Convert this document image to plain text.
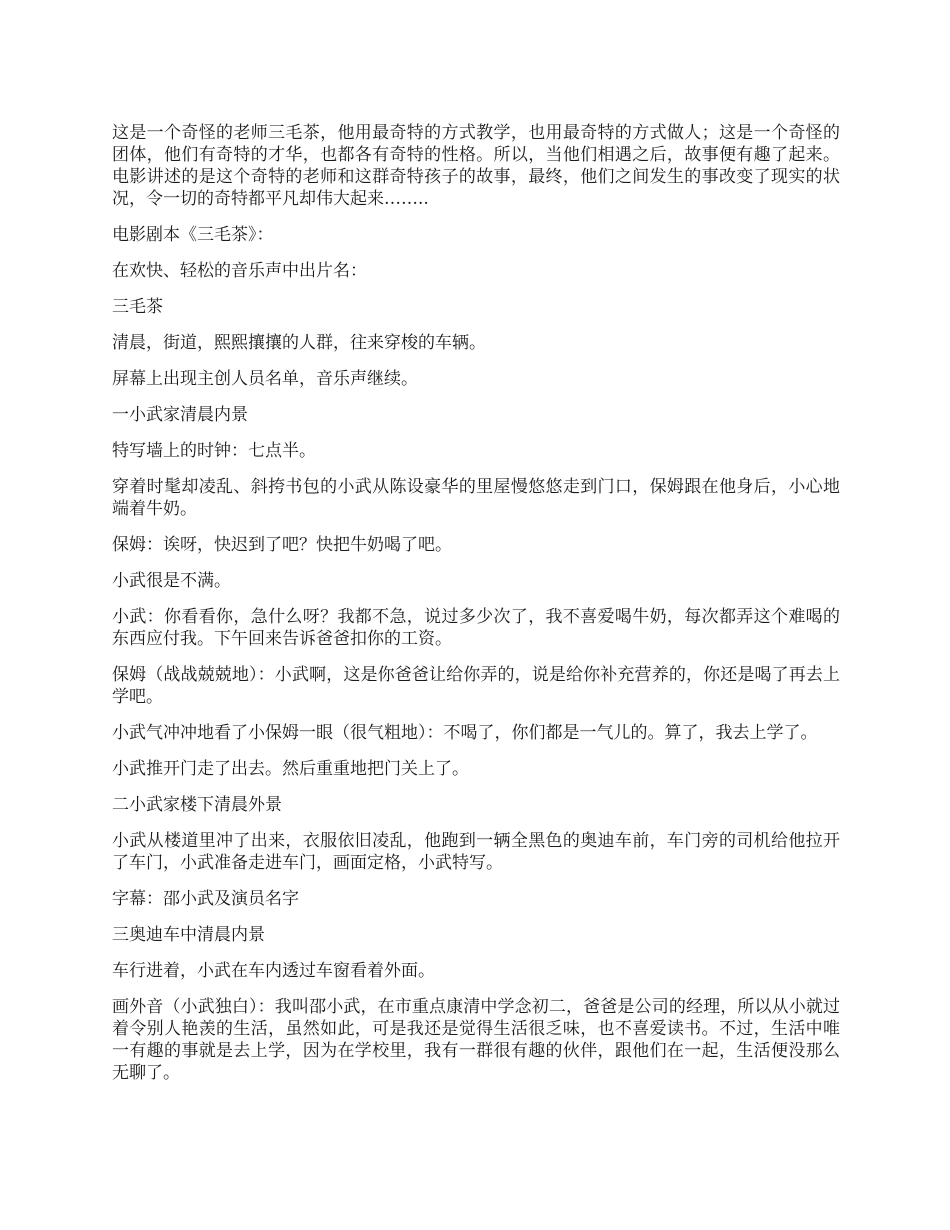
这是一个奇怪的老师三毛茶，他用最奇特的方式教学，也用最奇特的方式做人；这是一个奇怪的团体，他们有奇特的才华，也都各有奇特的性格。所以，当他们相遇之后，故事便有趣了起来。电影讲述的是这个奇特的老师和这群奇特孩子的故事，最终，他们之间发生的事改变了现实的状况，令一切的奇特都平凡却伟大起来……..

电影剧本《三毛茶》：

在欢快、轻松的音乐声中出片名：

三毛茶

清晨，街道，熙熙攘攘的人群，往来穿梭的车辆。

屏幕上出现主创人员名单，音乐声继续。

一小武家清晨内景

特写墙上的时钟：七点半。

穿着时髦却凌乱、斜挎书包的小武从陈设豪华的里屋慢悠悠走到门口，保姆跟在他身后，小心地端着牛奶。

保姆：诶呀，快迟到了吧？快把牛奶喝了吧。

小武很是不满。

小武：你看看你，急什么呀？我都不急，说过多少次了，我不喜爱喝牛奶，每次都弄这个难喝的东西应付我。下午回来告诉爸爸扣你的工资。

保姆（战战兢兢地）：小武啊，这是你爸爸让给你弄的，说是给你补充营养的，你还是喝了再去上学吧。

小武气冲冲地看了小保姆一眼（很气粗地）：不喝了，你们都是一气儿的。算了，我去上学了。

小武推开门走了出去。然后重重地把门关上了。

二小武家楼下清晨外景

小武从楼道里冲了出来，衣服依旧凌乱，他跑到一辆全黑色的奥迪车前，车门旁的司机给他拉开了车门，小武准备走进车门，画面定格，小武特写。

字幕：邵小武及演员名字

三奥迪车中清晨内景

车行进着，小武在车内透过车窗看着外面。

画外音（小武独白）：我叫邵小武，在市重点康清中学念初二，爸爸是公司的经理，所以从小就过着令别人艳羡的生活，虽然如此，可是我还是觉得生活很乏味，也不喜爱读书。不过，生活中唯一有趣的事就是去上学，因为在学校里，我有一群很有趣的伙伴，跟他们在一起，生活便没那么无聊了。
